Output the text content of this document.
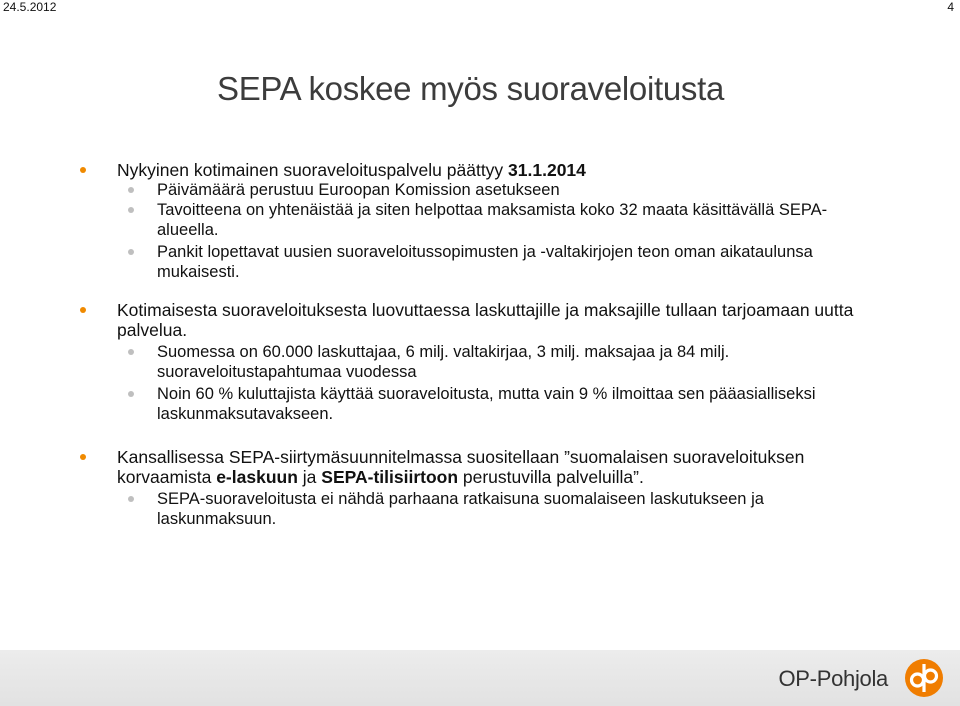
24.5.2012	4
SEPA koskee myös suoraveloitusta
Nykyinen kotimainen suoraveloituspalvelu päättyy 31.1.2014
Päivämäärä perustuu Euroopan Komission asetukseen
Tavoitteena on yhtenäistää ja siten helpottaa maksamista koko 32 maata käsittävällä SEPA-alueella.
Pankit lopettavat uusien suoraveloitussopimusten ja -valtakirjojen teon oman aikataulunsa mukaisesti.
Kotimaisesta suoraveloituksesta luovuttaessa laskuttajille ja maksajille tullaan tarjoamaan uutta palvelua.
Suomessa on 60.000 laskuttajaa, 6 milj. valtakirjaa, 3 milj. maksajaa ja 84 milj.
suoraveloitustapahtumaa vuodessa
Noin 60 % kuluttajista käyttää suoraveloitusta, mutta vain 9 % ilmoittaa sen pääasialliseksi laskunmaksutavakseen.
Kansallisessa SEPA-siirtymäsuunnitelmassa suositellaan ”suomalaisen suoraveloituksen korvaamista e-laskuun ja SEPA-tilisiirtoon perustuvilla palveluilla”.
SEPA-suoraveloitusta ei nähdä parhaana ratkaisuna suomalaiseen laskutukseen ja laskunmaksuun.
OP-Pohjola
